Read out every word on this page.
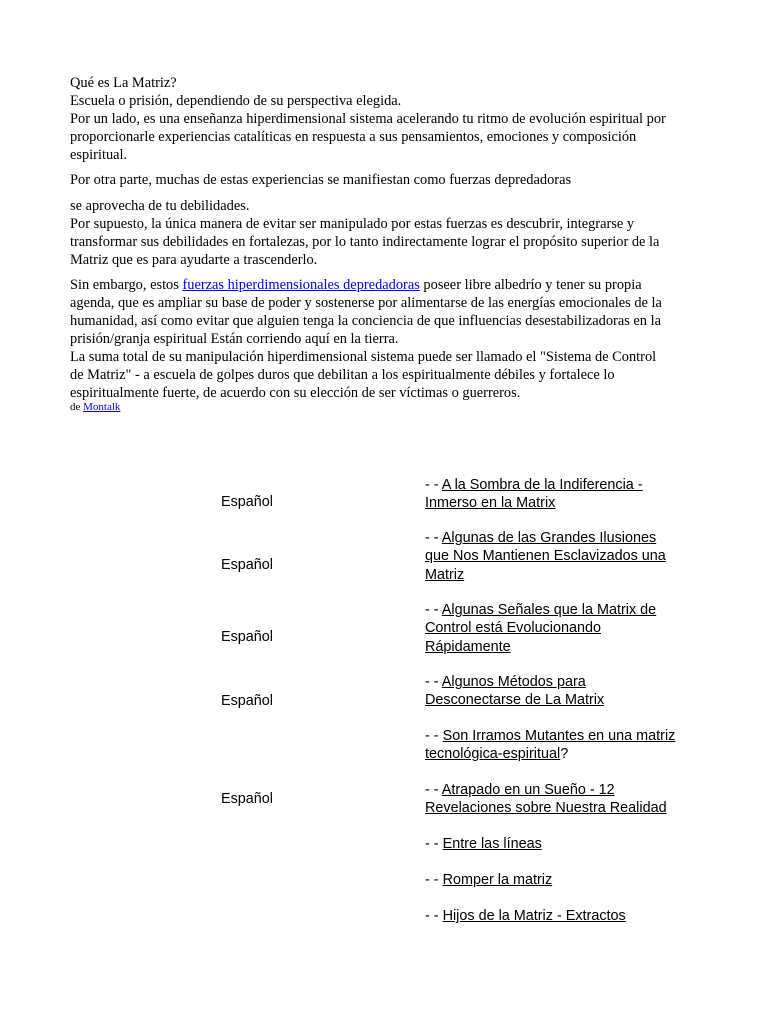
Qué es La Matriz?
Escuela o prisión, dependiendo de su perspectiva elegida.
Por un lado, es una enseñanza hiperdimensional sistema acelerando tu ritmo de evolución espiritual por
proporcionarle experiencias catalíticas en respuesta a sus pensamientos, emociones y composición
espiritual.

Por otra parte, muchas de estas experiencias se manifiestan como fuerzas depredadoras

se aprovecha de tu debilidades.
Por supuesto, la única manera de evitar ser manipulado por estas fuerzas es descubrir, integrarse y
transformar sus debilidades en fortalezas, por lo tanto indirectamente lograr el propósito superior de la
Matriz que es para ayudarte a trascenderlo.

Sin embargo, estos fuerzas hiperdimensionales depredadoras poseer libre albedrío y tener su propia
agenda, que es ampliar su base de poder y sostenerse por alimentarse de las energías emocionales de la
humanidad, así como evitar que alguien tenga la conciencia de que influencias desestabilizadoras en la
prisión/granja espiritual Están corriendo aquí en la tierra.
La suma total de su manipulación hiperdimensional sistema puede ser llamado el "Sistema de Control
de Matriz" - a escuela de golpes duros que debilitan a los espiritualmente débiles y fortalece lo
espiritualmente fuerte, de acuerdo con su elección de ser víctimas o guerreros.

de Montalk
Español
Español
Español
Español
Español
- - A la Sombra de la Indiferencia -
Inmerso en la Matrix
- - Algunas de las Grandes Ilusiones
que Nos Mantienen Esclavizados una
Matriz
- - Algunas Señales que la Matrix de
Control está Evolucionando
Rápidamente
- - Algunos Métodos para
Desconectarse de La Matrix
- - Son Irramos Mutantes en una matriz
tecnológica-espiritual?
- - Atrapado en un Sueño - 12
Revelaciones sobre Nuestra Realidad
- - Entre las líneas
- - Romper la matriz
- - Hijos de la Matriz - Extractos
